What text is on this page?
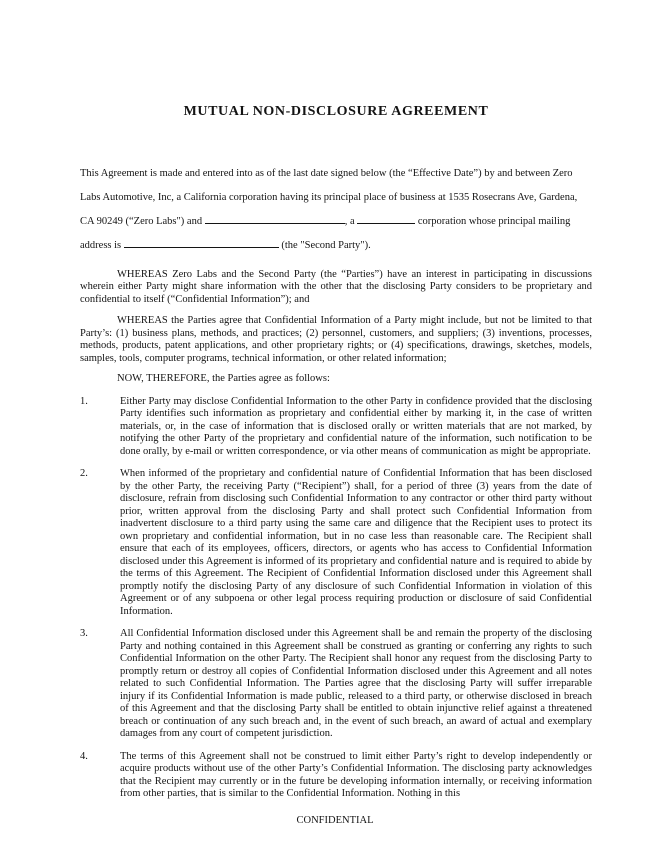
MUTUAL NON-DISCLOSURE AGREEMENT

This Agreement is made and entered into as of the last date signed below (the “Effective Date”) by and between Zero Labs Automotive, Inc, a California corporation having its principal place of business at 1535 Rosecrans Ave, Gardena, CA 90249 (“Zero Labs") and	, a	corporation whose principal mailing address is	(the "Second Party").

WHEREAS Zero Labs and the Second Party (the “Parties”) have an interest in participating in discussions wherein either Party might share information with the other that the disclosing Party considers to be proprietary and confidential to itself (“Confidential Information”); and

WHEREAS the Parties agree that Confidential Information of a Party might include, but not be limited to that Party’s: (1) business plans, methods, and practices; (2) personnel, customers, and suppliers; (3) inventions, processes, methods, products, patent applications, and other proprietary rights; or (4) specifications, drawings, sketches, models, samples, tools, computer programs, technical information, or other related information;

NOW, THEREFORE, the Parties agree as follows:

1.	Either Party may disclose Confidential Information to the other Party in confidence provided that the disclosing Party identifies such information as proprietary and confidential either by marking it, in the case of written materials, or, in the case of information that is disclosed orally or written materials that are not marked, by notifying the other Party of the proprietary and confidential nature of the information, such notification to be done orally, by e-mail or written correspondence, or via other means of communication as might be appropriate.
2.	When informed of the proprietary and confidential nature of Confidential Information that has been disclosed by the other Party, the receiving Party (“Recipient”) shall, for a period of three (3) years from the date of disclosure, refrain from disclosing such Confidential Information to any contractor or other third party without prior, written approval from the disclosing Party and shall protect such Confidential Information from inadvertent disclosure to a third party using the same care and diligence that the Recipient uses to protect its own proprietary and confidential information, but in no case less than reasonable care. The Recipient shall ensure that each of its employees, officers, directors, or agents who has access to Confidential Information disclosed under this Agreement is informed of its proprietary and confidential nature and is required to abide by the terms of this Agreement. The Recipient of Confidential Information disclosed under this Agreement shall promptly notify the disclosing Party of any disclosure of such Confidential Information in violation of this Agreement or of any subpoena or other legal process requiring production or disclosure of said Confidential Information.
3.	All Confidential Information disclosed under this Agreement shall be and remain the property of the disclosing Party and nothing contained in this Agreement shall be construed as granting or conferring any rights to such Confidential Information on the other Party. The Recipient shall honor any request from the disclosing Party to promptly return or destroy all copies of Confidential Information disclosed under this Agreement and all notes related to such Confidential Information. The Parties agree that the disclosing Party will suffer irreparable injury if its Confidential Information is made public, released to a third party, or otherwise disclosed in breach of this Agreement and that the disclosing Party shall be entitled to obtain injunctive relief against a threatened breach or continuation of any such breach and, in the event of such breach, an award of actual and exemplary damages from any court of competent jurisdiction.
4.	The terms of this Agreement shall not be construed to limit either Party’s right to develop independently or acquire products without use of the other Party’s Confidential Information. The disclosing party acknowledges that the Recipient may currently or in the future be developing information internally, or receiving information from other parties, that is similar to the Confidential Information. Nothing in this
CONFIDENTIAL
